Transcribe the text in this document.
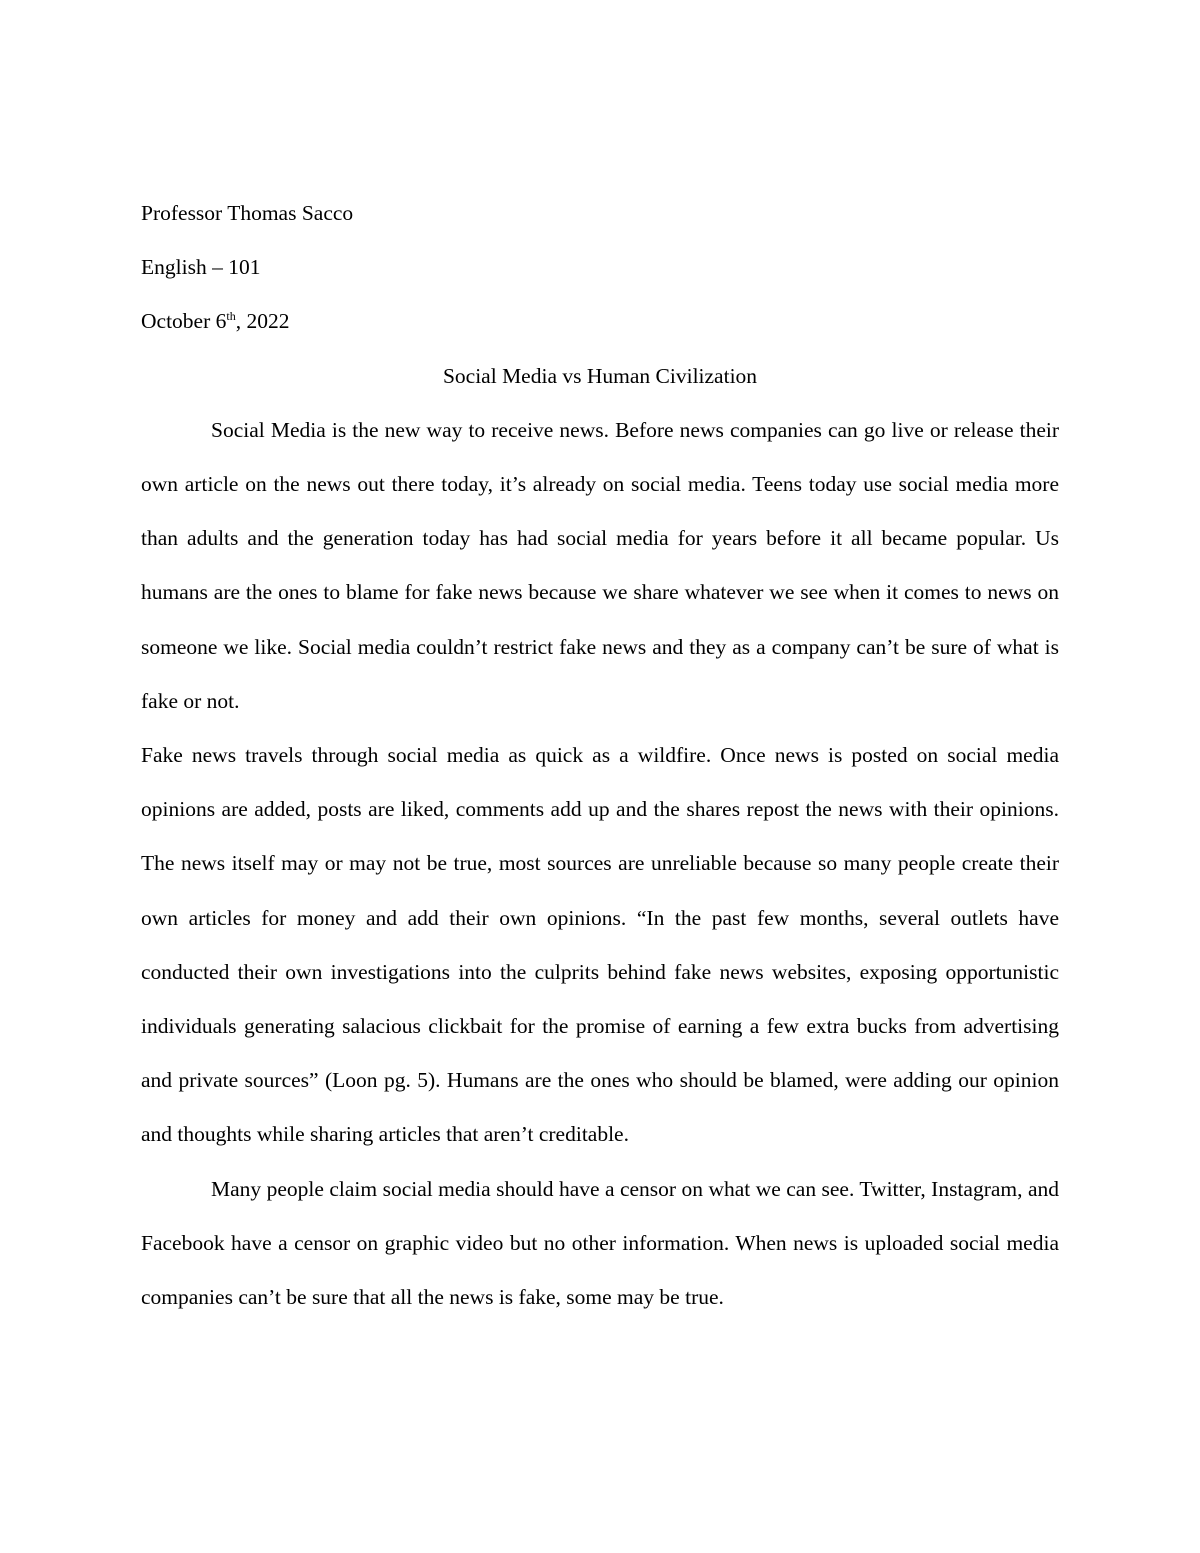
Professor Thomas Sacco
English – 101
October 6th, 2022
Social Media vs Human Civilization

Social Media is the new way to receive news. Before news companies can go live or release their own article on the news out there today, it’s already on social media. Teens today use social media more than adults and the generation today has had social media for years before it all became popular. Us humans are the ones to blame for fake news because we share whatever we see when it comes to news on someone we like. Social media couldn’t restrict fake news and they as a company can’t be sure of what is fake or not.

Fake news travels through social media as quick as a wildfire. Once news is posted on social media opinions are added, posts are liked, comments add up and the shares repost the news with their opinions. The news itself may or may not be true, most sources are unreliable because so many people create their own articles for money and add their own opinions. “In the past few months, several outlets have conducted their own investigations into the culprits behind fake news websites, exposing opportunistic individuals generating salacious clickbait for the promise of earning a few extra bucks from advertising and private sources” (Loon pg. 5). Humans are the ones who should be blamed, were adding our opinion and thoughts while sharing articles that aren’t creditable.

Many people claim social media should have a censor on what we can see. Twitter, Instagram, and Facebook have a censor on graphic video but no other information. When news is uploaded social media companies can’t be sure that all the news is fake, some may be true.
